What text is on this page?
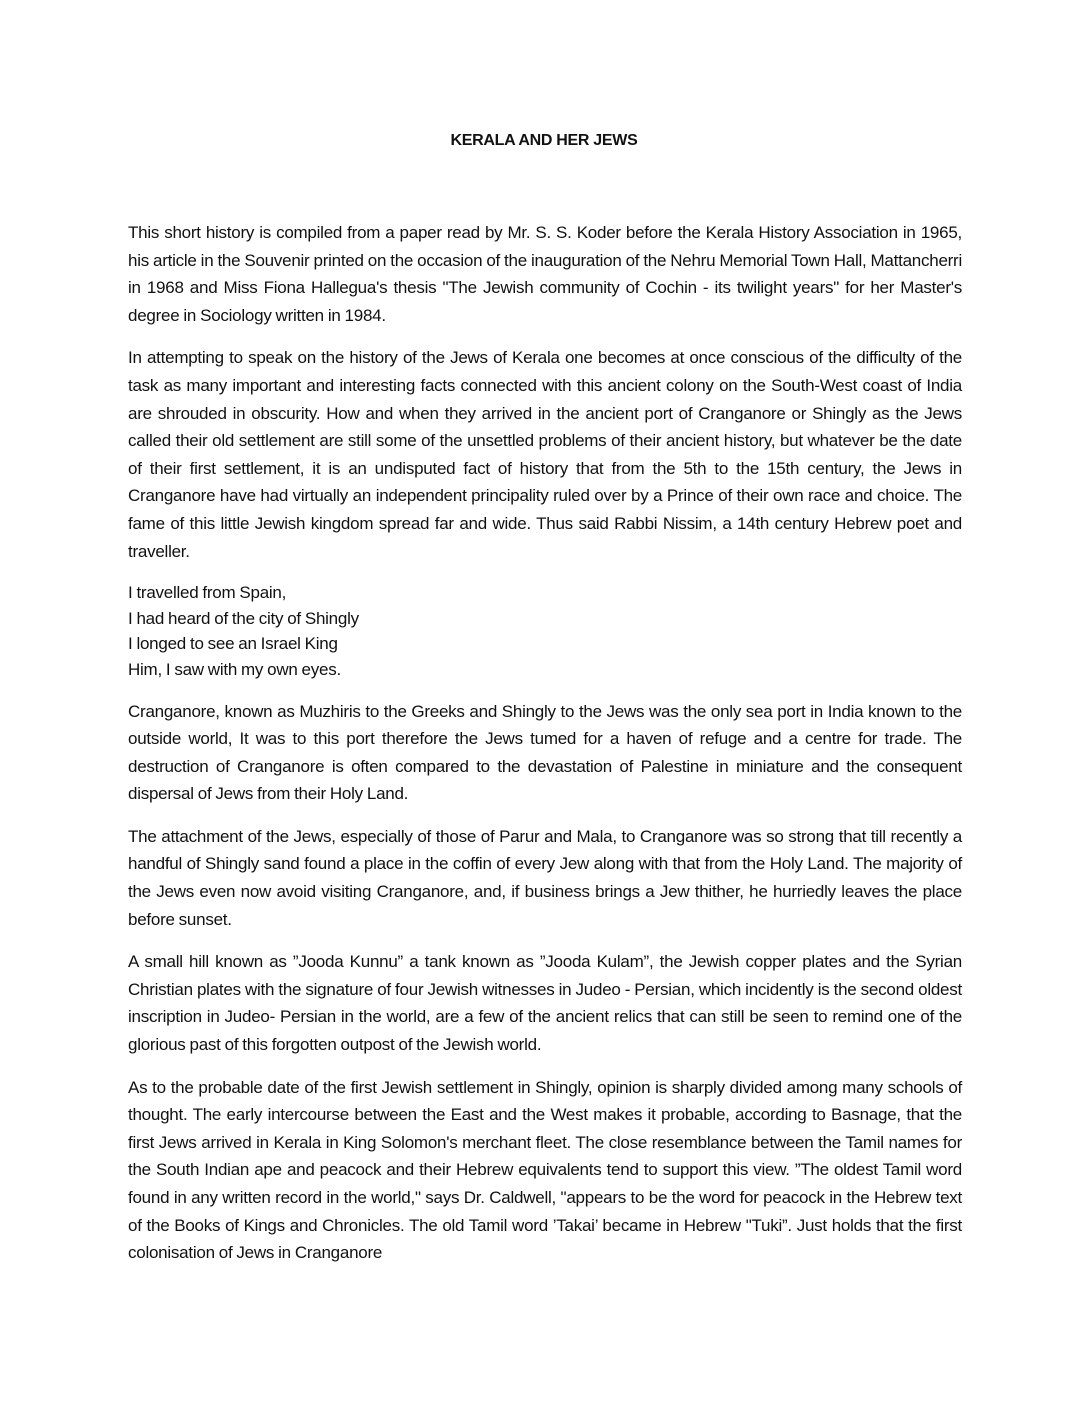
KERALA AND HER JEWS

This short history is compiled from a paper read by Mr. S. S. Koder before the Kerala History Association in 1965, his article in the Souvenir printed on the occasion of the inauguration of the Nehru Memorial Town Hall, Mattancherri in 1968 and Miss Fiona Hallegua's thesis "The Jewish community of Cochin - its twilight years" for her Master's degree in Sociology written in 1984.

In attempting to speak on the history of the Jews of Kerala one becomes at once conscious of the difficulty of the task as many important and interesting facts connected with this ancient colony on the South-West coast of India are shrouded in obscurity. How and when they arrived in the ancient port of Cranganore or Shingly as the Jews called their old settlement are still some of the unsettled problems of their ancient history, but whatever be the date of their first settlement, it is an undisputed fact of history that from the 5th to the 15th century, the Jews in Cranganore have had virtually an independent principality ruled over by a Prince of their own race and choice. The fame of this little Jewish kingdom spread far and wide. Thus said Rabbi Nissim, a 14th century Hebrew poet and traveller.

I travelled from Spain,
I had heard of the city of Shingly
I longed to see an Israel King
Him, I saw with my own eyes.

Cranganore, known as Muzhiris to the Greeks and Shingly to the Jews was the only sea port in India known to the outside world, It was to this port therefore the Jews tumed for a haven of refuge and a centre for trade. The destruction of Cranganore is often compared to the devastation of Palestine in miniature and the consequent dispersal of Jews from their Holy Land.

The attachment of the Jews, especially of those of Parur and Mala, to Cranganore was so strong that till recently a handful of Shingly sand found a place in the coffin of every Jew along with that from the Holy Land. The majority of the Jews even now avoid visiting Cranganore, and, if business brings a Jew thither, he hurriedly leaves the place before sunset.

A small hill known as ”Jooda Kunnu” a tank known as ”Jooda Kulam”, the Jewish copper plates and the Syrian Christian plates with the signature of four Jewish witnesses in Judeo - Persian, which incidently is the second oldest inscription in Judeo- Persian in the world, are a few of the ancient relics that can still be seen to remind one of the glorious past of this forgotten outpost of the Jewish world.

As to the probable date of the first Jewish settlement in Shingly, opinion is sharply divided among many schools of thought. The early intercourse between the East and the West makes it probable, according to Basnage, that the first Jews arrived in Kerala in King Solomon's merchant fleet. The close resemblance between the Tamil names for the South Indian ape and peacock and their Hebrew equivalents tend to support this view. ”The oldest Tamil word found in any written record in the world," says Dr. Caldwell, "appears to be the word for peacock in the Hebrew text of the Books of Kings and Chronicles. The old Tamil word ’Takai’ became in Hebrew "Tuki”. Just holds that the first colonisation of Jews in Cranganore
